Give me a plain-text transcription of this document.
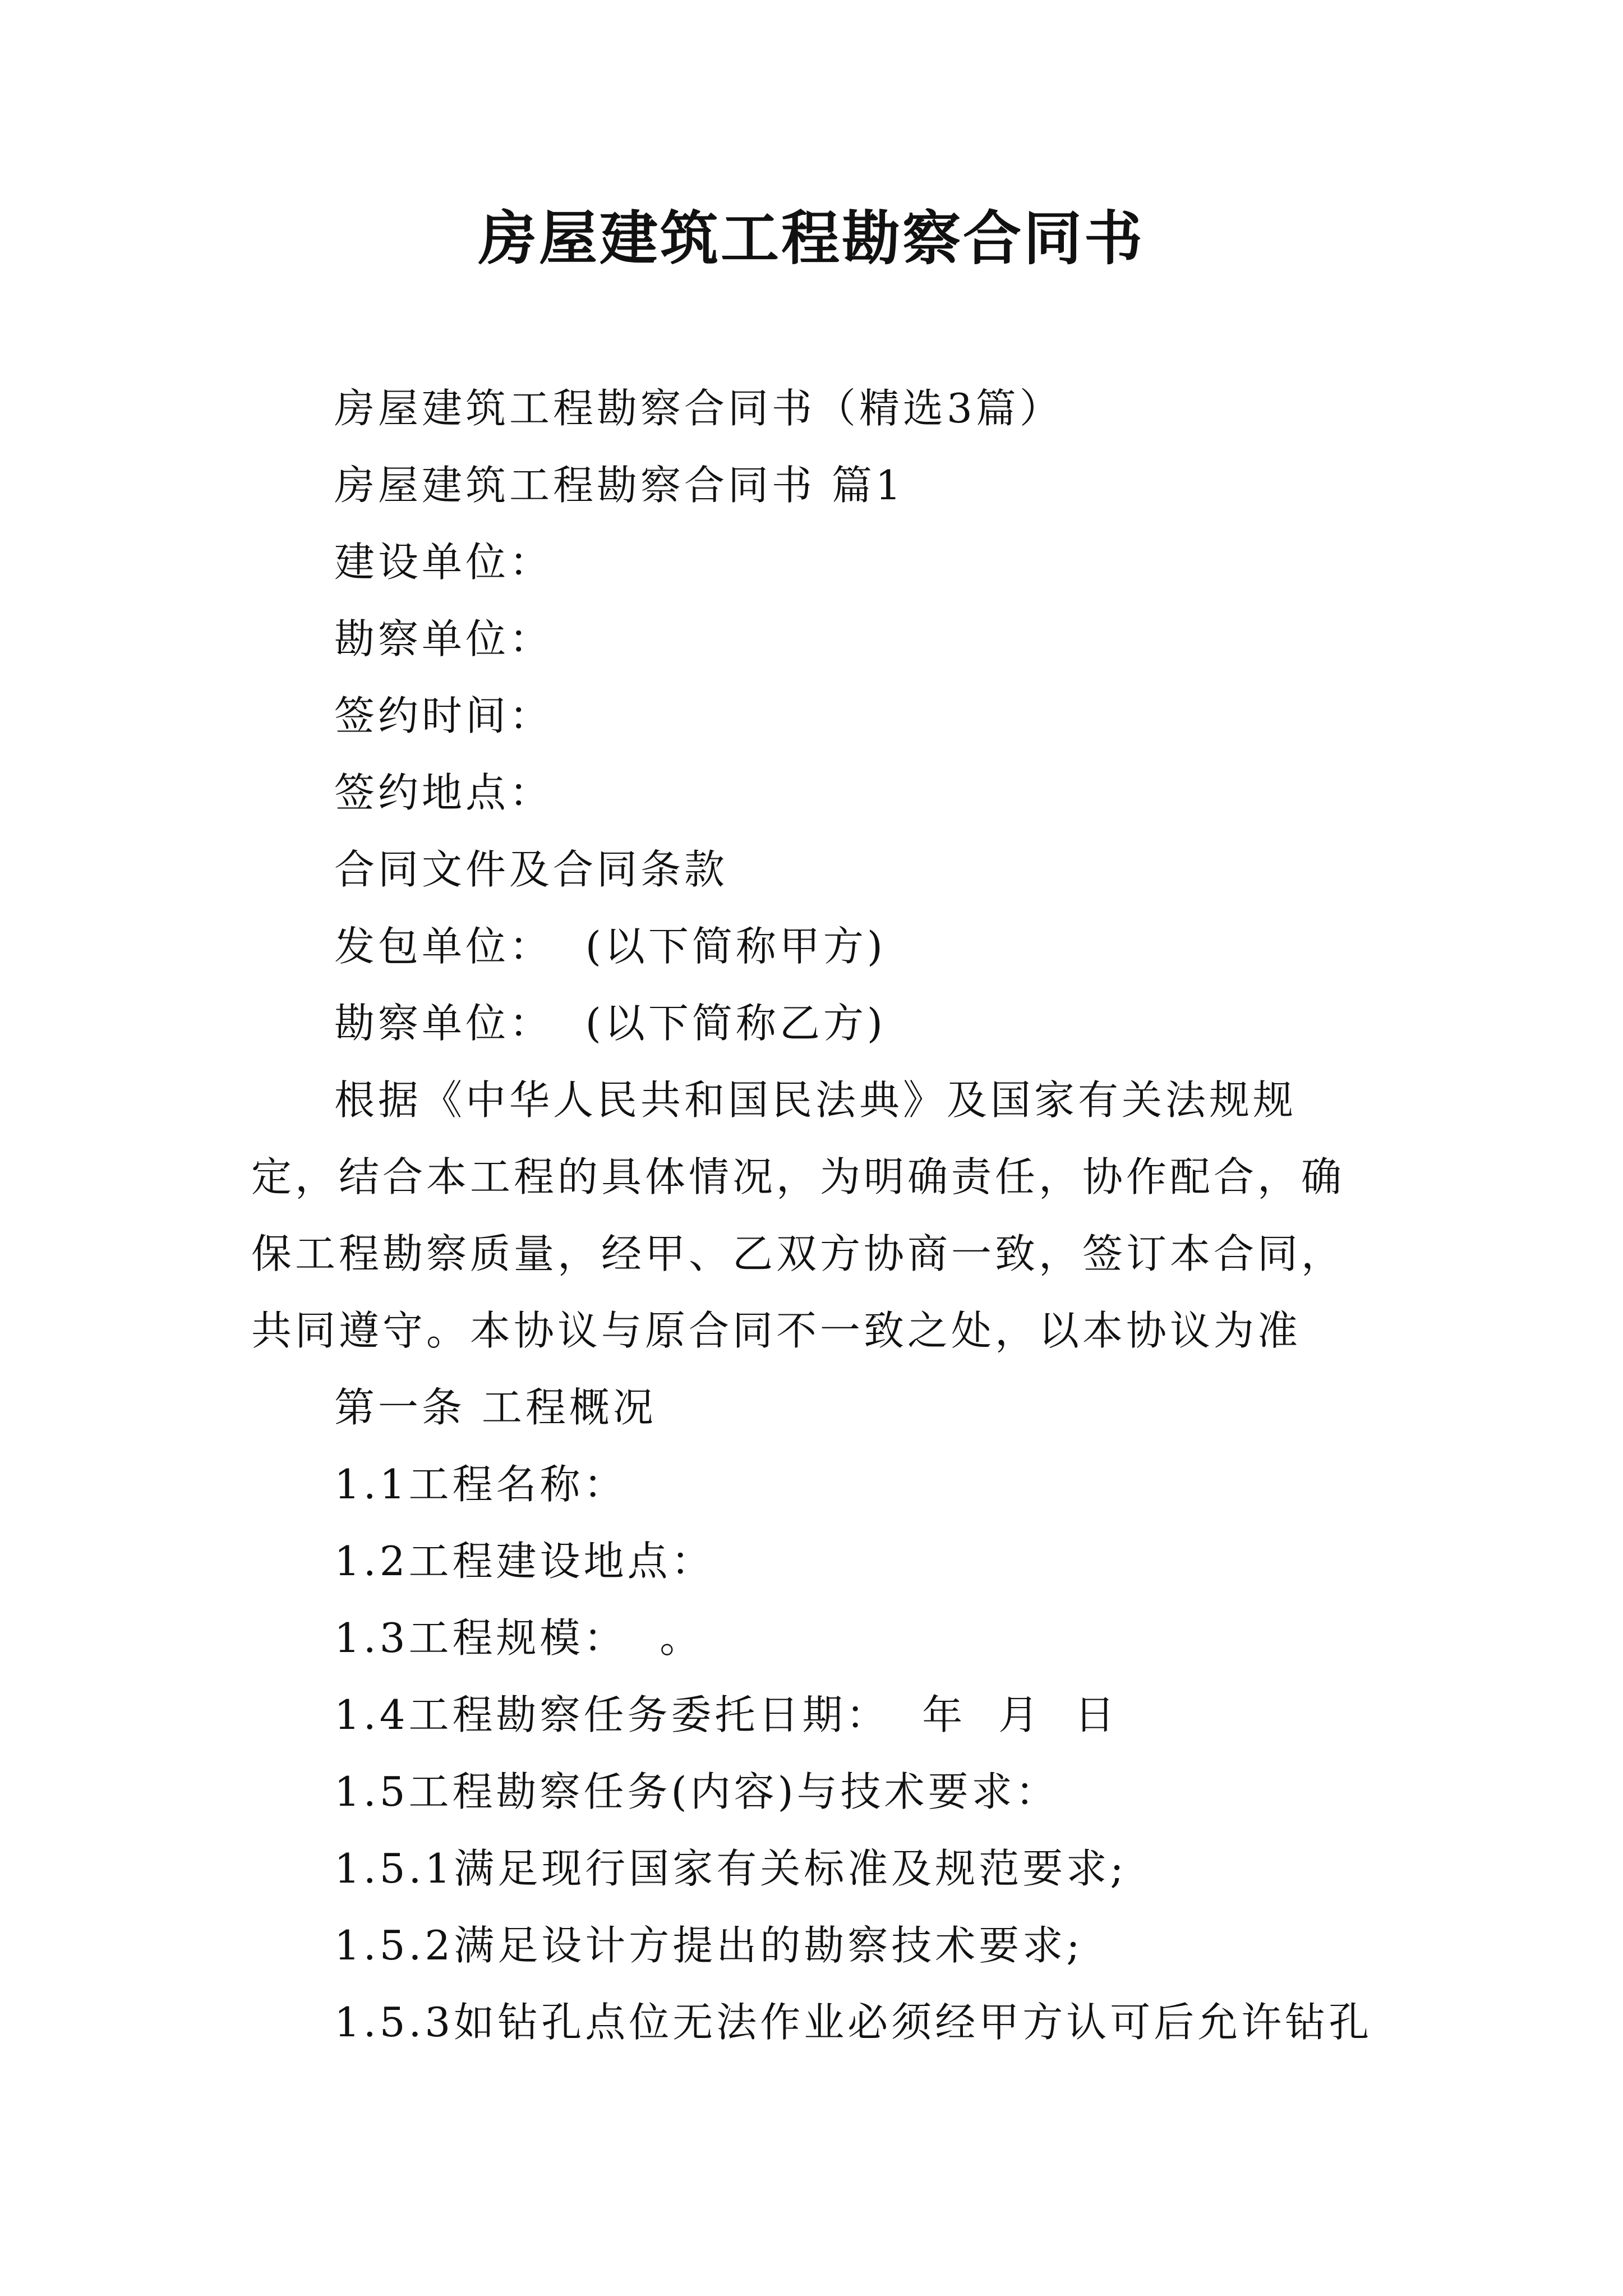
房屋建筑工程勘察合同书

房屋建筑工程勘察合同书（精选3篇）

房屋建筑工程勘察合同书 篇1

建设单位：

勘察单位：

签约时间：

签约地点：

合同文件及合同条款

发包单位：  (以下简称甲方)

勘察单位：  (以下简称乙方)

根据《中华人民共和国民法典》及国家有关法规规定，结合本工程的具体情况，为明确责任，协作配合，确保工程勘察质量，经甲、乙双方协商一致，签订本合同，共同遵守。本协议与原合同不一致之处，以本协议为准

第一条 工程概况

1.1工程名称：

1.2工程建设地点：

1.3工程规模：  。

1.4工程勘察任务委托日期：  年  月  日

1.5工程勘察任务(内容)与技术要求：

1.5.1满足现行国家有关标准及规范要求;

1.5.2满足设计方提出的勘察技术要求;

1.5.3如钻孔点位无法作业必须经甲方认可后允许钻孔
